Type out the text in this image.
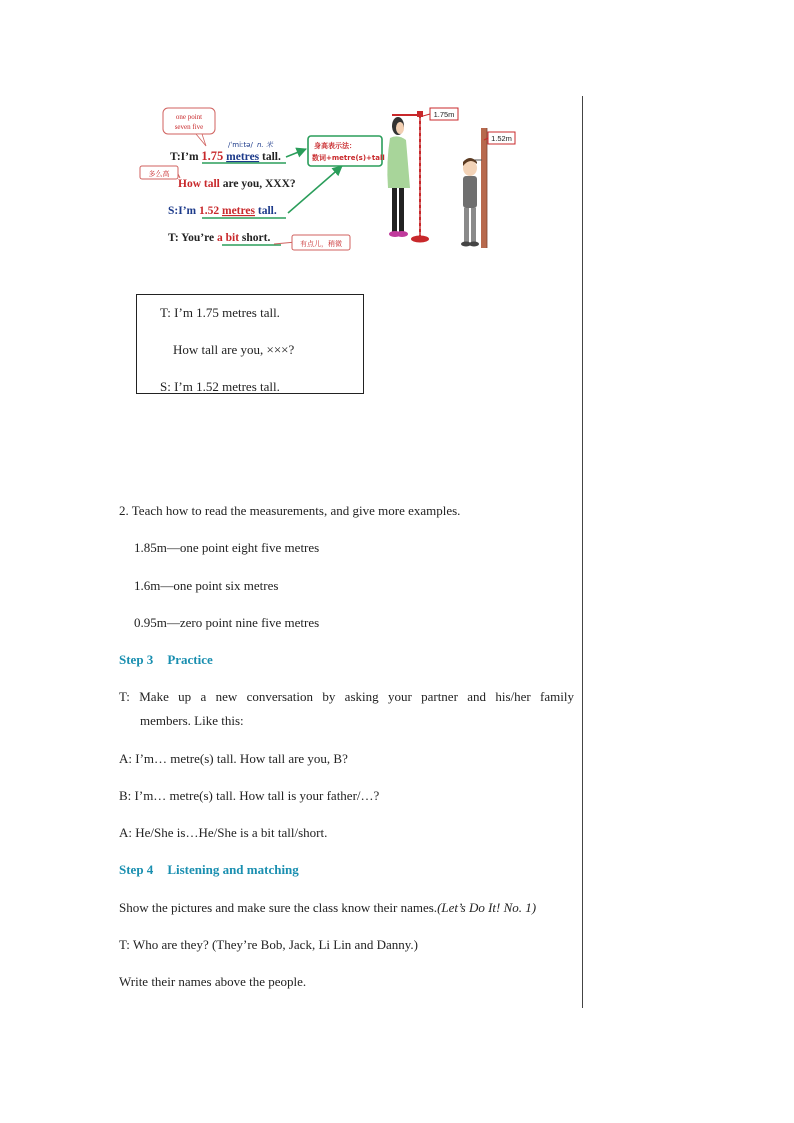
one point
seven five
/ˈmiːtə/ n. 米
多么高
T:I’m 1.75 metres tall.
How tall are you, XXX?
S:I’m 1.52 metres tall.
T: You’re a bit short.
身高表示法：
数词+metre(s)+tall
有点儿，稍微
1.75m
1.52m
T: I’m 1.75 metres tall.
How tall are you, ×××?
S: I’m 1.52 metres tall.
2. Teach how to read the measurements, and give more examples.
1.85m—one point eight five metres
1.6m—one point six metres
0.95m—zero point nine five metres
Step 3 Practice
T: Make up a new conversation by asking your partner and his/her family
members. Like this:
A: I’m… metre(s) tall. How tall are you, B?
B: I’m… metre(s) tall. How tall is your father/…?
A: He/She is…He/She is a bit tall/short.
Step 4 Listening and matching
Show the pictures and make sure the class know their names.(Let’s Do It! No. 1)
T: Who are they? (They’re Bob, Jack, Li Lin and Danny.)
Write their names above the people.
